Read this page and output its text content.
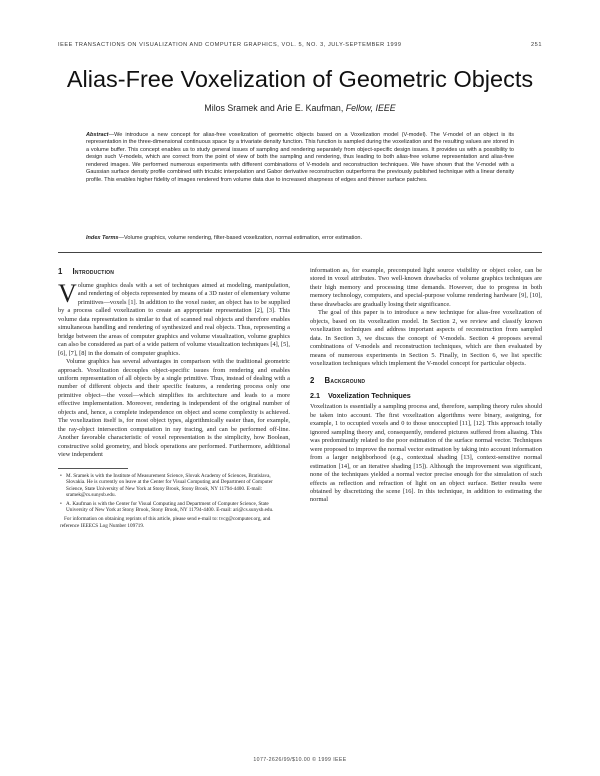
IEEE TRANSACTIONS ON VISUALIZATION AND COMPUTER GRAPHICS, VOL. 5, NO. 3, JULY-SEPTEMBER 1999	251
Alias-Free Voxelization of Geometric Objects
Milos Sramek and Arie E. Kaufman, Fellow, IEEE
Abstract—We introduce a new concept for alias-free voxelization of geometric objects based on a Voxelization model (V-model). The V-model of an object is its representation in the three-dimensional continuous space by a trivariate density function. This function is sampled during the voxelization and the resulting values are stored in a volume buffer. This concept enables us to study general issues of sampling and rendering separately from object-specific design issues. It provides us with a possibility to design such V-models, which are correct from the point of view of both the sampling and rendering, thus leading to both alias-free volume representation and alias-free rendered images. We performed numerous experiments with different combinations of V-models and reconstruction techniques. We have shown that the V-model with a Gaussian surface density profile combined with tricubic interpolation and Gabor derivative reconstruction outperforms the previously published technique with a linear density profile. This enables higher fidelity of images rendered from volume data due to increased sharpness of edges and thinner surface patches.
Index Terms—Volume graphics, volume rendering, filter-based voxelization, normal estimation, error estimation.
1 Introduction

Volume graphics deals with a set of techniques aimed at modeling, manipulation, and rendering of objects represented by means of a 3D raster of elementary volume primitives—voxels [1]. In addition to the voxel raster, an object has to be supplied by a process called voxelization to create an appropriate representation [2], [3]. This volume data representation is similar to that of scanned real objects and therefore enables simultaneous handling and rendering of synthesized and real objects. Thus, representing a bridge between the areas of computer graphics and volume visualization, volume graphics can also be considered as part of a wide pattern of volume visualization techniques [4], [5], [6], [7], [8] in the domain of computer graphics.

Volume graphics has several advantages in comparison with the traditional geometric approach. Voxelization decouples object-specific issues from rendering and enables uniform representation of all objects by a single primitive. Thus, instead of dealing with a number of different objects and their specific features, a rendering process only one primitive object—the voxel—which simplifies its architecture and leads to a more effective implementation. Moreover, rendering is independent of the original number of objects and, hence, a complete independence on object and scene complexity is achieved. The voxelization itself is, for most object types, algorithmically easier than, for example, the ray-object intersection computation in ray tracing, and can be performed off-line. Another favorable characteristic of voxel representation is the simplicity, how Boolean, constructive solid geometry, and block operations are performed. Furthermore, additional view independent

• M. Sramek is with the Institute of Measurement Science, Slovak Academy of Sciences, Bratislava, Slovakia. He is currently on leave at the Center for Visual Computing and Department of Computer Science, State University of New York at Stony Brook, Stony Brook, NY 11794-4400. E-mail: sramek@cs.sunysb.edu.

• A. Kaufman is with the Center for Visual Computing and Department of Computer Science, State University of New York at Stony Brook, Stony Brook, NY 11794-4400. E-mail: ari@cs.sunysb.edu.

For information on obtaining reprints of this article, please send e-mail to: tvcg@computer.org, and reference IEEECS Log Number 109719.

information as, for example, precomputed light source visibility or object color, can be stored in voxel attributes. Two well-known drawbacks of volume graphics techniques are their high memory and processing time demands. However, due to progress in both memory technology, computers, and special-purpose volume rendering hardware [9], [10], these drawbacks are gradually losing their significance.

The goal of this paper is to introduce a new technique for alias-free voxelization of objects, based on its voxelization model. In Section 2, we review and classify known voxelization techniques and address important aspects of reconstruction from sampled data. In Section 3, we discuss the concept of V-models. Section 4 proposes several combinations of V-models and reconstruction techniques, which are then evaluated by means of numerous experiments in Section 5. Finally, in Section 6, we list specific voxelization techniques which implement the V-model concept for particular objects.

2 Background
2.1 Voxelization Techniques

Voxelization is essentially a sampling process and, therefore, sampling theory rules should be taken into account. The first voxelization algorithms were binary, assigning, for example, 1 to occupied voxels and 0 to those unoccupied [11], [12]. This approach totally ignored sampling theory and, consequently, rendered pictures suffered from aliasing. This was predominantly related to the poor estimation of the surface normal vector. Techniques were proposed to improve the normal vector estimation by taking into account information from a larger neighborhood (e.g., contextual shading [13], context-sensitive normal estimation [14], or an iterative shading [15]). Although the improvement was significant, none of the techniques yielded a normal vector precise enough for the simulation of such effects as reflection and refraction of light on an object surface. Better results were obtained by discretizing the scene [16]. In this technique, in addition to estimating the normal

1077-2626/99/$10.00 © 1999 IEEE
